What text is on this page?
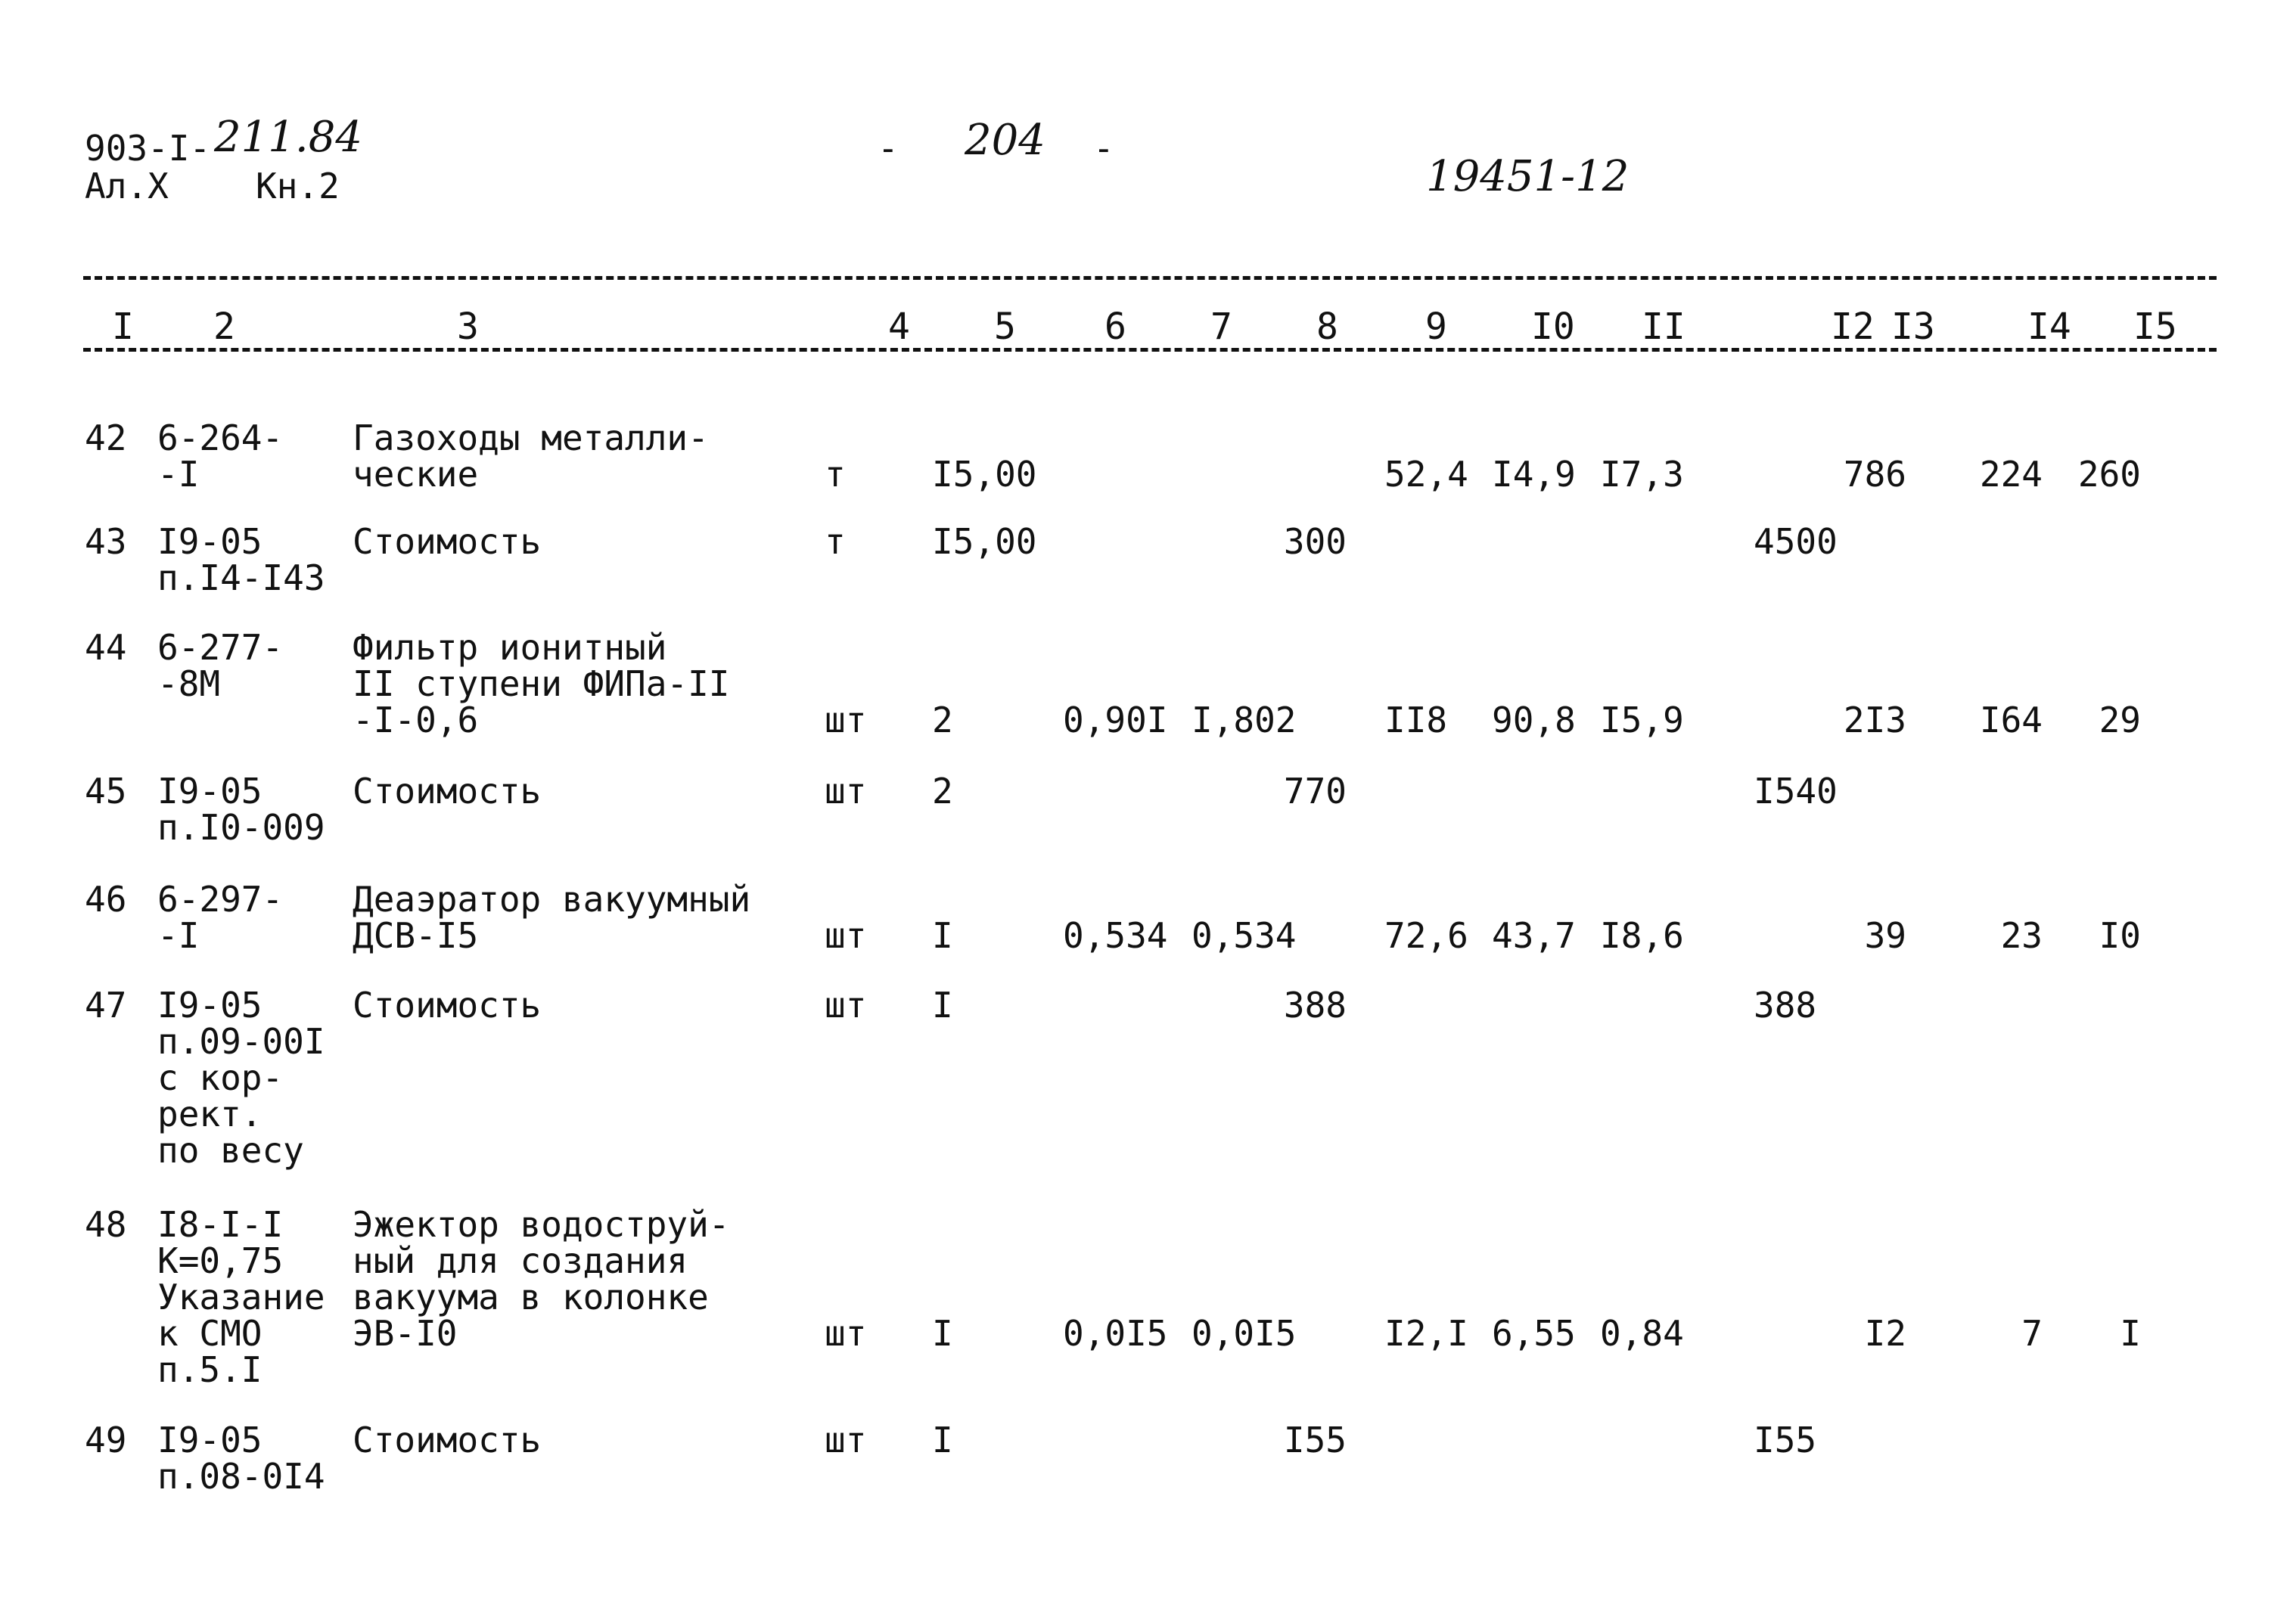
903-I- 211.84
Ал.X	Кн.2
- 204 -
19451-12
I 2	3	4 5 6 7 8 9 I0 II	I2 I3	I4 I5
42 6-264-
-I
Газоходы металли-
ческие	т I5,00	52,4 I4,9 I7,3	786 224 260
43 I9-05
п.I4-I43
Стоимость	т I5,00	300	4500
44 6-277-
-8М
Фильтр ионитный
II ступени ФИПа-II
-I-0,6	шт 2	0,90I I,802	II8 90,8 I5,9	2I3 I64 29
45 I9-05
п.I0-009
Стоимость	шт 2	770	I540
46 6-297-
-I
Деаэратор вакуумный
ДСВ-I5	шт I	0,534 0,534	72,6 43,7 I8,6	39	23 I0
47 I9-05
п.09-00I
с кор-
рект.
по весу
Стоимость	шт I	388	388
48 I8-I-I
К=0,75
Указание
к СМО
п.5.I
Эжектор водоструй-
ный для создания
вакуума в колонке
ЭВ-I0	шт I	0,0I5 0,0I5	I2,I 6,55 0,84	I2	7 I
49 I9-05
п.08-0I4
Стоимость	шт I	I55	I55
